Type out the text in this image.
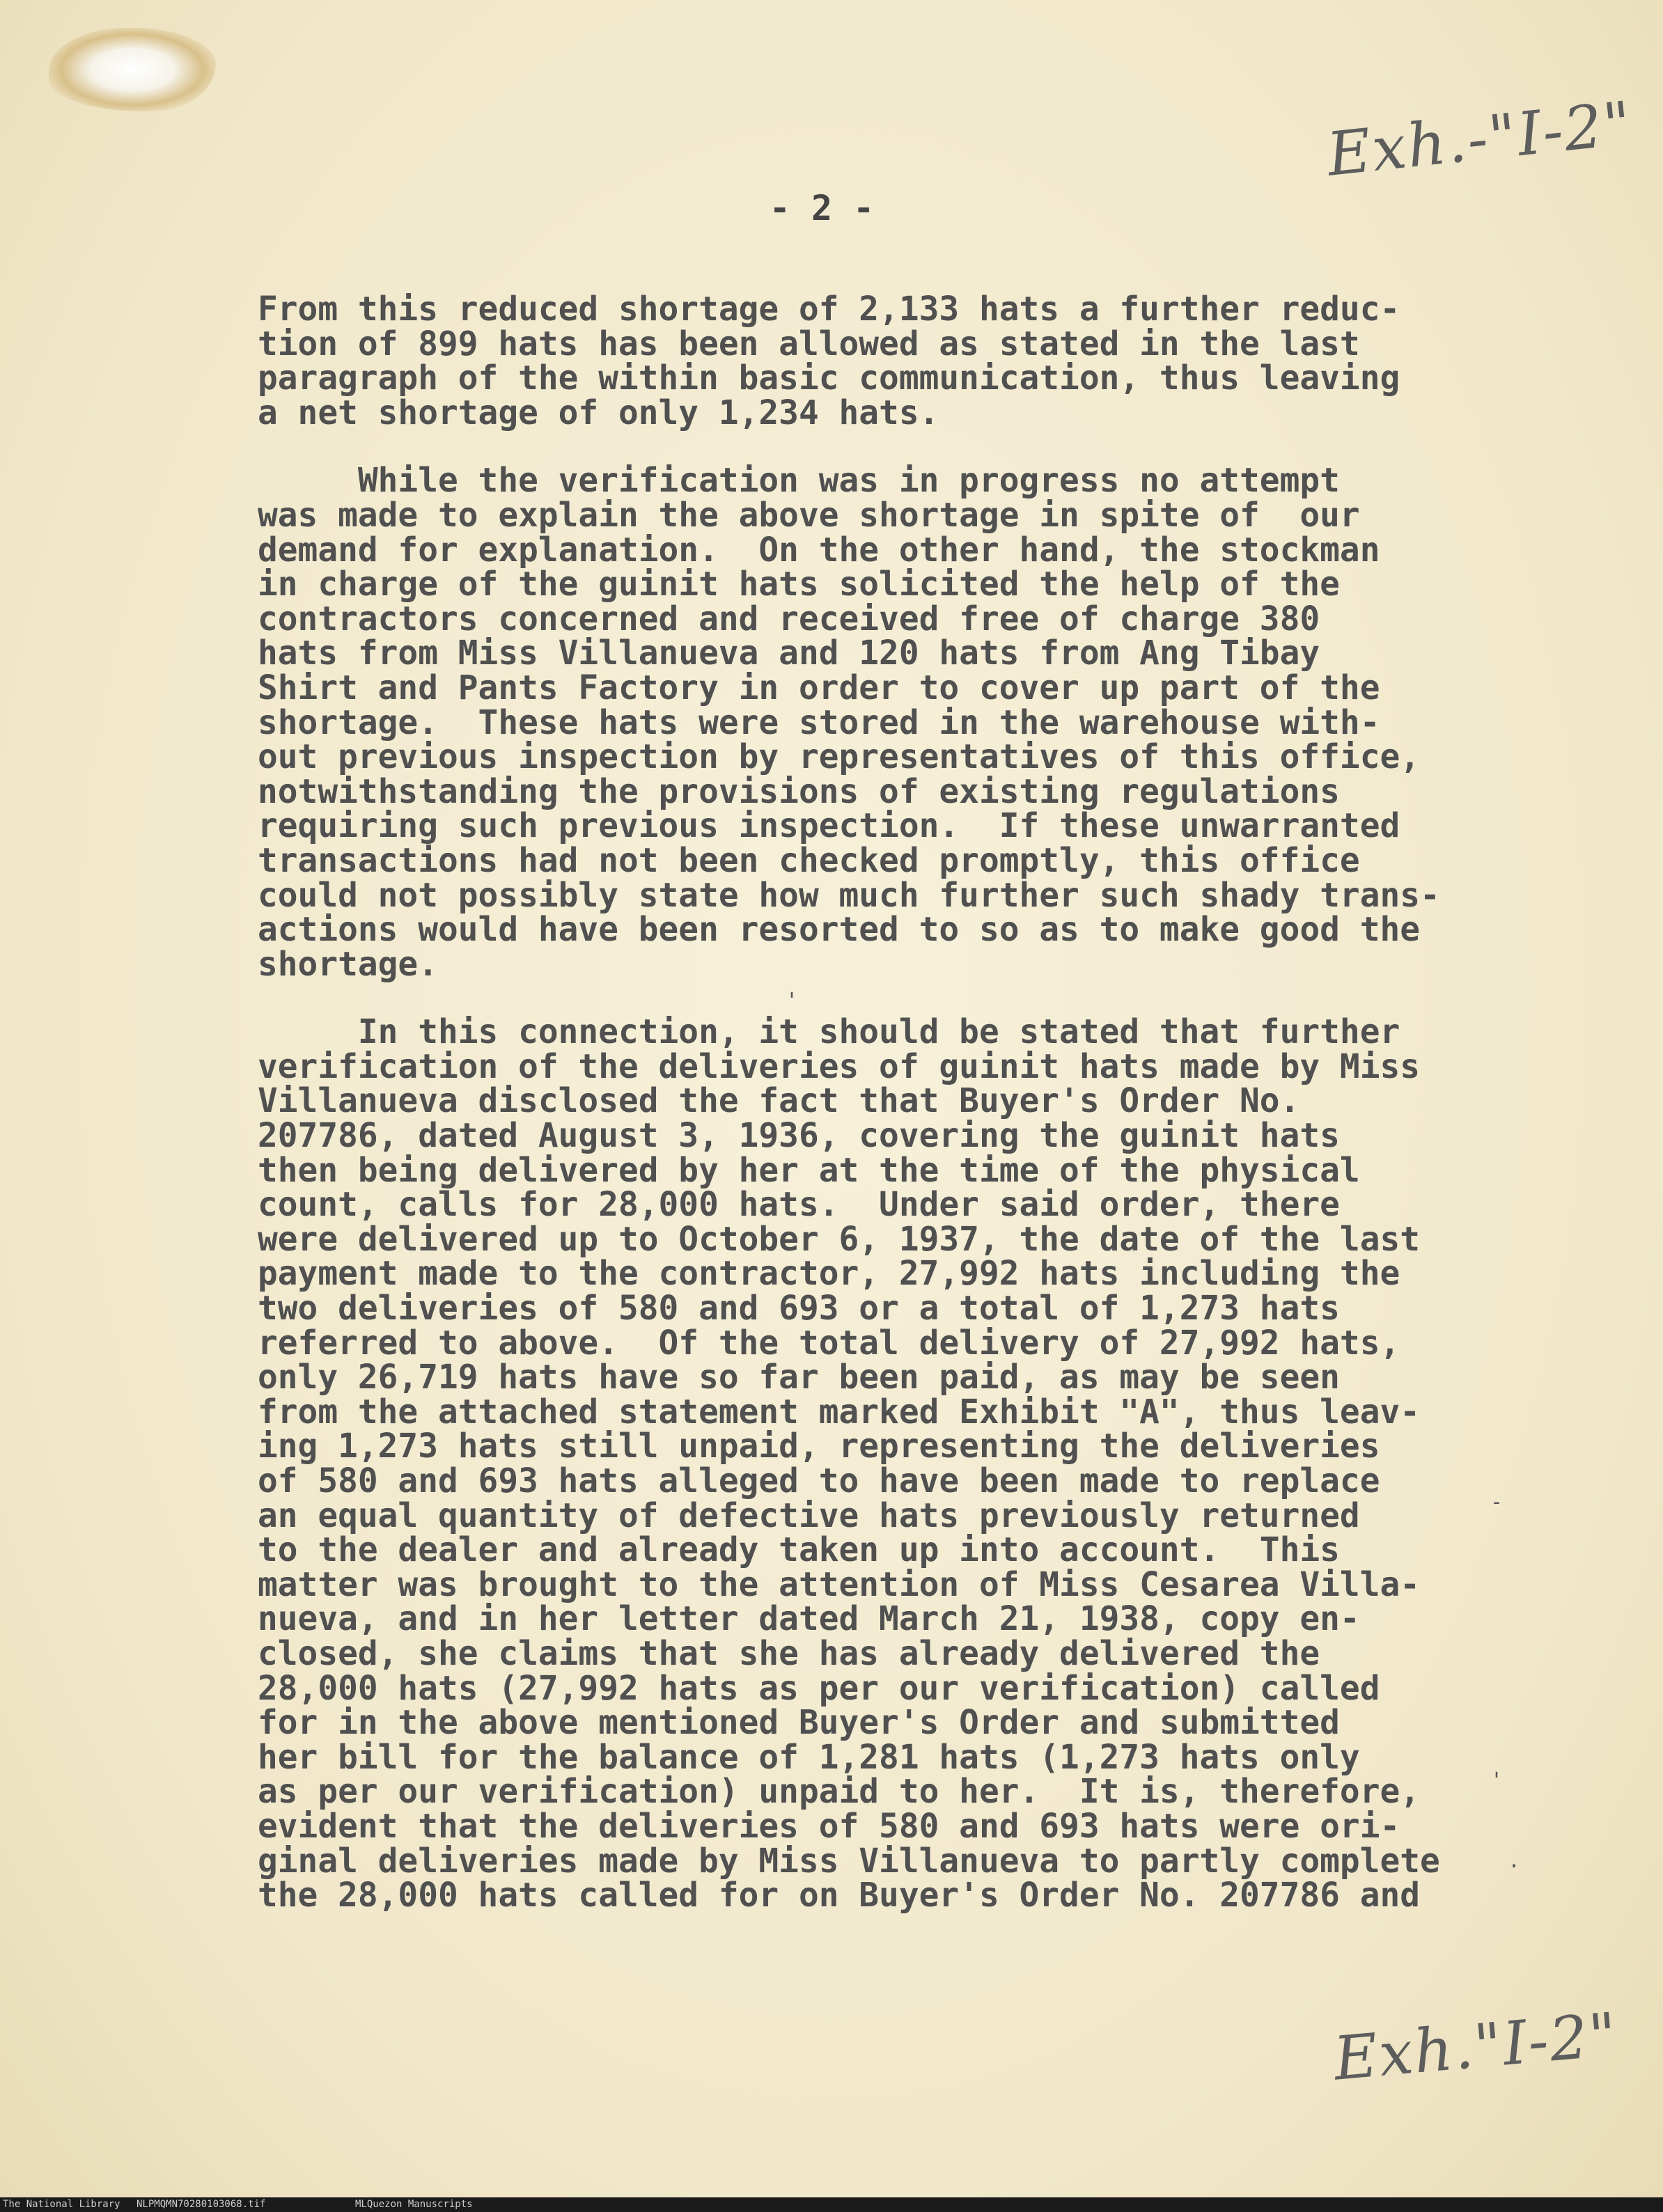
Exh.-"I-2"
- 2 -
From this reduced shortage of 2,133 hats a further reduc-
tion of 899 hats has been allowed as stated in the last
paragraph of the within basic communication, thus leaving
a net shortage of only 1,234 hats.
While the verification was in progress no attempt
was made to explain the above shortage in spite of  our
demand for explanation.  On the other hand, the stockman
in charge of the guinit hats solicited the help of the
contractors concerned and received free of charge 380
hats from Miss Villanueva and 120 hats from Ang Tibay
Shirt and Pants Factory in order to cover up part of the
shortage.  These hats were stored in the warehouse with-
out previous inspection by representatives of this office,
notwithstanding the provisions of existing regulations
requiring such previous inspection.  If these unwarranted
transactions had not been checked promptly, this office
could not possibly state how much further such shady trans-
actions would have been resorted to so as to make good the
shortage.
In this connection, it should be stated that further
verification of the deliveries of guinit hats made by Miss
Villanueva disclosed the fact that Buyer's Order No.
207786, dated August 3, 1936, covering the guinit hats
then being delivered by her at the time of the physical
count, calls for 28,000 hats.  Under said order, there
were delivered up to October 6, 1937, the date of the last
payment made to the contractor, 27,992 hats including the
two deliveries of 580 and 693 or a total of 1,273 hats
referred to above.  Of the total delivery of 27,992 hats,
only 26,719 hats have so far been paid, as may be seen
from the attached statement marked Exhibit "A", thus leav-
ing 1,273 hats still unpaid, representing the deliveries
of 580 and 693 hats alleged to have been made to replace
an equal quantity of defective hats previously returned
to the dealer and already taken up into account.  This
matter was brought to the attention of Miss Cesarea Villa-
nueva, and in her letter dated March 21, 1938, copy en-
closed, she claims that she has already delivered the
28,000 hats (27,992 hats as per our verification) called
for in the above mentioned Buyer's Order and submitted
her bill for the balance of 1,281 hats (1,273 hats only
as per our verification) unpaid to her.  It is, therefore,
evident that the deliveries of 580 and 693 hats were ori-
ginal deliveries made by Miss Villanueva to partly complete
the 28,000 hats called for on Buyer's Order No. 207786 and
'
-
'
.
Exh."I-2"
The National Library NLPMQMN70280103068.tif	MLQuezon Manuscripts
